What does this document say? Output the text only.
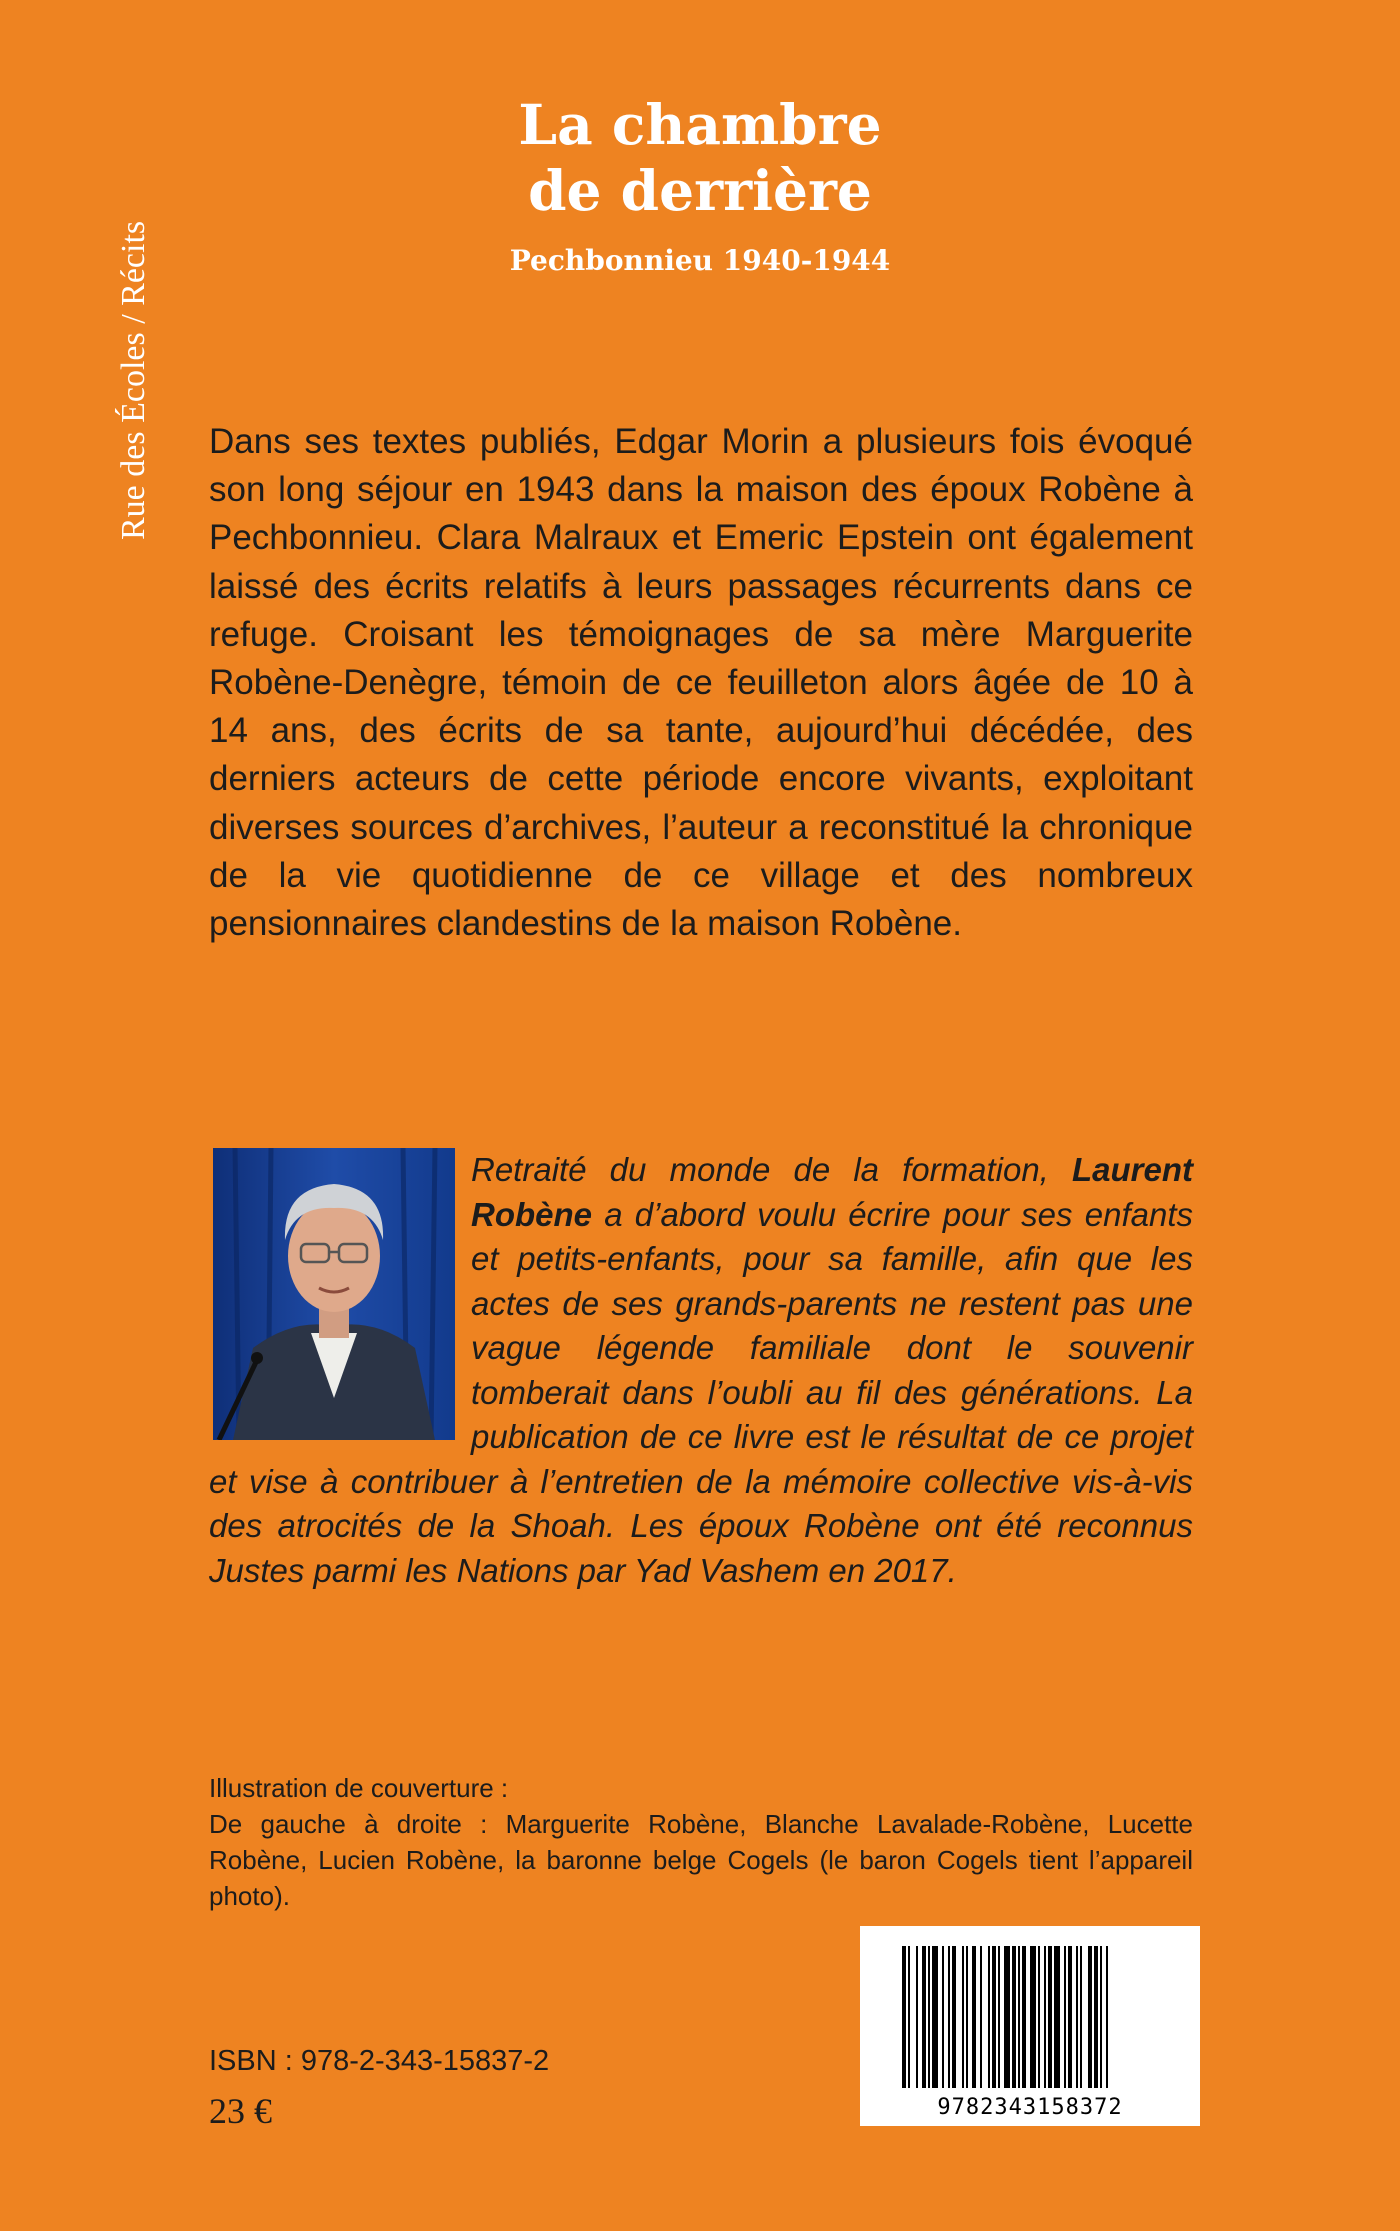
Rue des Écoles / Récits
La chambre
de derrière
Pechbonnieu 1940-1944

Dans ses textes publiés, Edgar Morin a plusieurs fois évoqué son long séjour en 1943 dans la maison des époux Robène à Pechbonnieu. Clara Malraux et Emeric Epstein ont également laissé des écrits relatifs à leurs passages récurrents dans ce refuge. Croisant les témoignages de sa mère Marguerite Robène-Denègre, témoin de ce feuilleton alors âgée de 10 à 14 ans, des écrits de sa tante, aujourd’hui décédée, des derniers acteurs de cette période encore vivants, exploitant diverses sources d’archives, l’auteur a reconstitué la chronique de la vie quotidienne de ce village et des nombreux pensionnaires clandestins de la maison Robène.

Retraité du monde de la formation, Laurent Robène a d’abord voulu écrire pour ses enfants et petits-enfants, pour sa famille, afin que les actes de ses grands-parents ne restent pas une vague légende familiale dont le souvenir tomberait dans l’oubli au fil des générations. La publication de ce livre est le résultat de ce projet et vise à contribuer à l’entretien de la mémoire collective vis-à-vis des atrocités de la Shoah. Les époux Robène ont été reconnus Justes parmi les Nations par Yad Vashem en 2017.

Illustration de couverture :
De gauche à droite : Marguerite Robène, Blanche Lavalade-Robène, Lucette Robène, Lucien Robène, la baronne belge Cogels (le baron Cogels tient l’appareil photo).

ISBN : 978-2-343-15837-2
23 €	9782343158372
